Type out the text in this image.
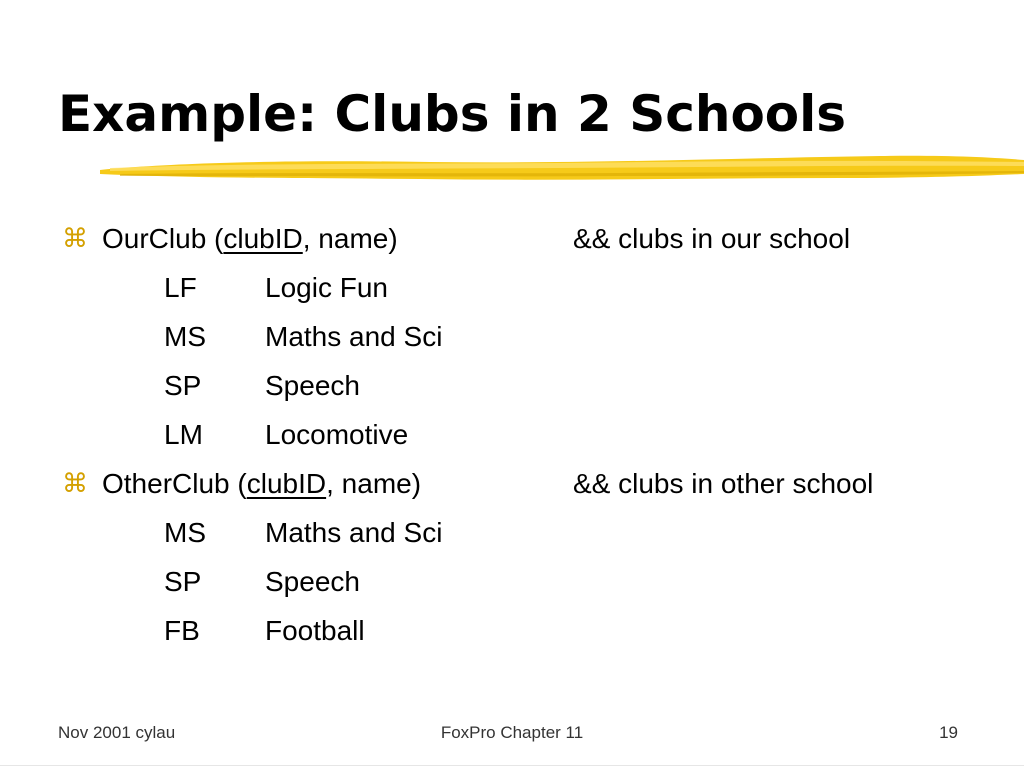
Example: Clubs in 2 Schools
⌘ OurClub (clubID, name)	&& clubs in our school
LF Logic Fun
MS Maths and Sci
SP Speech
LM Locomotive
⌘ OtherClub (clubID, name)	&& clubs in other school
MS Maths and Sci
SP Speech
FB Football
Nov 2001 cylau	FoxPro Chapter 11	19
